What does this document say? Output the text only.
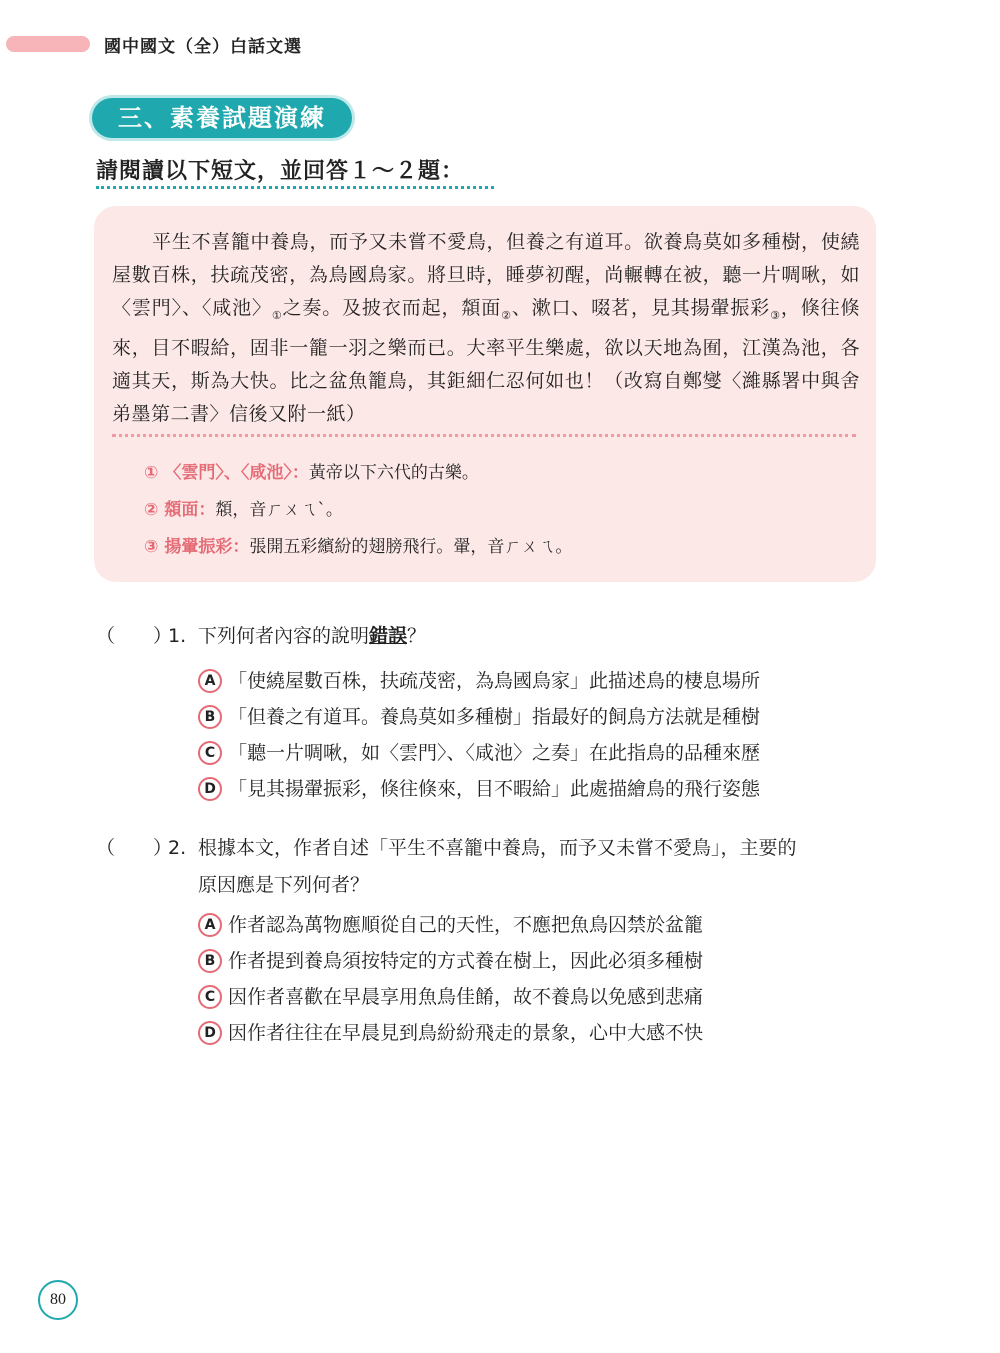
國中國文（全）白話文選
三、素養試題演練
請閱讀以下短文，並回答１～２題：
平生不喜籠中養鳥，而予又未嘗不愛鳥，但養之有道耳。欲養鳥莫如多種樹，使繞屋數百株，扶疏茂密，為鳥國鳥家。將旦時，睡夢初醒，尚輾轉在被，聽一片啁啾，如〈雲門〉、〈咸池〉$_①$之奏。及披衣而起，頮面$_②$、漱口、啜茗，見其揚翬振彩$_③$，倏往倏來，目不暇給，固非一籠一羽之樂而已。大率平生樂處，欲以天地為囿，江漢為池，各適其天，斯為大快。比之盆魚籠鳥，其鉅細仁忍何如也！（改寫自鄭燮〈濰縣署中與舍弟墨第二書〉信後又附一紙）
① 〈雲門〉、〈咸池〉：黃帝以下六代的古樂。
② 頮面：頮，音ㄏㄨㄟˋ。
③ 揚翬振彩：張開五彩繽紛的翅膀飛行。翬，音ㄏㄨㄟ。
（　　）1. 下列何者內容的說明錯誤？
A 「使繞屋數百株，扶疏茂密，為鳥國鳥家」此描述鳥的棲息場所
B 「但養之有道耳。養鳥莫如多種樹」指最好的飼鳥方法就是種樹
C 「聽一片啁啾，如〈雲門〉、〈咸池〉之奏」在此指鳥的品種來歷
D 「見其揚翬振彩，倏往倏來，目不暇給」此處描繪鳥的飛行姿態
（　　）2. 根據本文，作者自述「平生不喜籠中養鳥，而予又未嘗不愛鳥」，主要的
原因應是下列何者？
A 作者認為萬物應順從自己的天性，不應把魚鳥囚禁於盆籠
B 作者提到養鳥須按特定的方式養在樹上，因此必須多種樹
C 因作者喜歡在早晨享用魚鳥佳餚，故不養鳥以免感到悲痛
D 因作者往往在早晨見到鳥紛紛飛走的景象，心中大感不快
80
